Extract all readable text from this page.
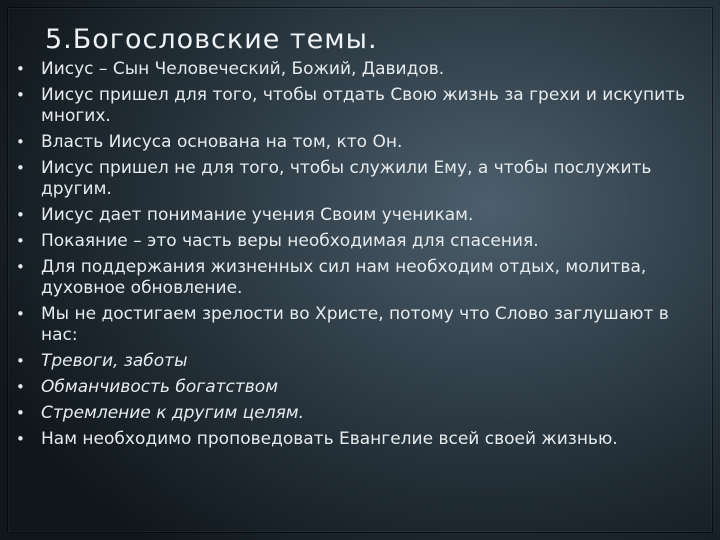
5.Богословские темы.
• Иисус – Сын Человеческий, Божий, Давидов.
• Иисус пришел для того, чтобы отдать Свою жизнь за грехи и искупить многих.
• Власть Иисуса основана на том, кто Он.
• Иисус пришел не для того, чтобы служили Ему, а чтобы послужить другим.
• Иисус дает понимание учения Своим ученикам.
• Покаяние – это часть веры необходимая для спасения.
• Для поддержания жизненных сил нам необходим отдых, молитва, духовное обновление.
• Мы не достигаем зрелости во Христе, потому что Слово заглушают в нас:
• Тревоги, заботы
• Обманчивость богатством
• Стремление к другим целям.
• Нам необходимо проповедовать Евангелие всей своей жизнью.
